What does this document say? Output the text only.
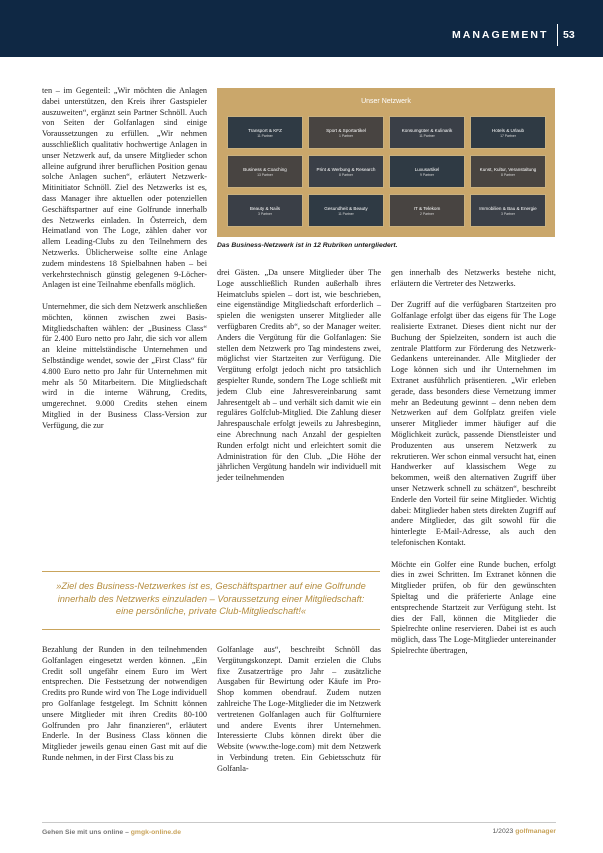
MANAGEMENT 53

ten – im Gegenteil: „Wir möchten die Anlagen dabei unterstützen, den Kreis ihrer Gastspieler auszuweiten“, ergänzt sein Partner Schnöll. Auch von Seiten der Golfanlagen sind einige Voraussetzungen zu erfüllen. „Wir nehmen ausschließlich qualitativ hochwertige Anlagen in unser Netzwerk auf, da unsere Mitglieder schon alleine aufgrund ihrer beruflichen Position genau solche Anlagen suchen“, erläutert Netzwerk-Mitinitiator Schnöll. Ziel des Netzwerks ist es, dass Manager ihre aktuellen oder potenziellen Geschäftspartner auf eine Golfrunde innerhalb des Netzwerks einladen. In Österreich, dem Heimatland von The Loge, zählen daher vor allem Leading-Clubs zu den Teilnehmern des Netzwerks. Üblicherweise sollte eine Anlage zudem mindestens 18 Spielbahnen haben – bei verkehrstechnisch günstig gelegenen 9-Löcher-Anlagen ist eine Teilnahme ebenfalls möglich.

Unternehmer, die sich dem Netzwerk anschließen möchten, können zwischen zwei Basis-Mitgliedschaften wählen: der „Business Class“ für 2.400 Euro netto pro Jahr, die sich vor allem an kleine mittelständische Unternehmen und Selbständige wendet, sowie der „First Class“ für 4.800 Euro netto pro Jahr für Unternehmen mit mehr als 50 Mitarbeitern. Die Mitgliedschaft wird in die interne Währung, Credits, umgerechnet. 9.000 Credits stehen einem Mitglied in der Business Class-Version zur Verfügung, die zur

Unser Netzwerk
Transport & KFZ
11 Partner
Sport & Sportartikel
1 Partner
Konsumgüter & Kulinarik
11 Partner
Hotels & Urlaub
17 Partner
Business & Coaching
13 Partner
Print & Werbung & Research
8 Partner
Luxusartikel
9 Partner
Kunst, Kultur, Veranstaltung
8 Partner
Beauty & Nails
3 Partner
Gesundheit & Beauty
11 Partner
IT & Telekom
2 Partner
Immobilien & Bau & Energie
3 Partner
Das Business-Netzwerk ist in 12 Rubriken untergliedert.

drei Gästen. „Da unsere Mitglieder über The Loge ausschließlich Runden außerhalb ihres Heimatclubs spielen – dort ist, wie beschrieben, eine eigenständige Mitgliedschaft erforderlich – spielen die wenigsten unserer Mitglieder alle verfügbaren Credits ab“, so der Manager weiter. Anders die Vergütung für die Golfanlagen: Sie stellen dem Netzwerk pro Tag mindestens zwei, möglichst vier Startzeiten zur Verfügung. Die Vergütung erfolgt jedoch nicht pro tatsächlich gespielter Runde, sondern The Loge schließt mit jedem Club eine Jahresvereinbarung samt Jahresentgelt ab – und verhält sich damit wie ein reguläres Golfclub-Mitglied. Die Zahlung dieser Jahrespauschale erfolgt jeweils zu Jahresbeginn, eine Abrechnung nach Anzahl der gespielten Runden erfolgt nicht und erleichtert somit die Administration für den Club. „Die Höhe der jährlichen Vergütung handeln wir individuell mit jeder teilnehmenden

gen innerhalb des Netzwerks bestehe nicht, erläutern die Vertreter des Netzwerks.

Der Zugriff auf die verfügbaren Startzeiten pro Golfanlage erfolgt über das eigens für The Loge realisierte Extranet. Dieses dient nicht nur der Buchung der Spielzeiten, sondern ist auch die zentrale Plattform zur Förderung des Netzwerk-Gedankens untereinander. Alle Mitglieder der Loge können sich und ihr Unternehmen im Extranet ausführlich präsentieren. „Wir erleben gerade, dass besonders diese Vernetzung immer mehr an Bedeutung gewinnt – denn neben dem Netzwerken auf dem Golfplatz greifen viele unserer Mitglieder immer häufiger auf die Möglichkeit zurück, passende Dienstleister und Produzenten aus unserem Netzwerk zu rekrutieren. Wer schon einmal versucht hat, einen Handwerker auf klassischem Wege zu bekommen, weiß den alternativen Zugriff über unser Netzwerk schnell zu schätzen“, beschreibt Enderle den Vorteil für seine Mitglieder. Wichtig dabei: Mitglieder haben stets direkten Zugriff auf andere Mitglieder, das gilt sowohl für die hinterlegte E-Mail-Adresse, als auch den telefonischen Kontakt.

Möchte ein Golfer eine Runde buchen, erfolgt dies in zwei Schritten. Im Extranet können die Mitglieder prüfen, ob für den gewünschten Spieltag und die präferierte Anlage eine entsprechende Startzeit zur Verfügung steht. Ist dies der Fall, können die Mitglieder die Spielrechte online reservieren. Dabei ist es auch möglich, dass The Loge-Mitglieder untereinander Spielrechte übertragen,

»Ziel des Business-Netzwerkes ist es, Geschäftspartner auf eine Golfrunde innerhalb des Netzwerks einzuladen – Voraussetzung einer Mitgliedschaft: eine persönliche, private Club-Mitgliedschaft!«

Bezahlung der Runden in den teilnehmenden Golfanlagen eingesetzt werden können. „Ein Credit soll ungefähr einem Euro im Wert entsprechen. Die Festsetzung der notwendigen Credits pro Runde wird von The Loge individuell pro Golfanlage festgelegt. Im Schnitt können unsere Mitglieder mit ihren Credits 80-100 Golfrunden pro Jahr finanzieren“, erläutert Enderle. In der Business Class können die Mitglieder jeweils genau einen Gast mit auf die Runde nehmen, in der First Class bis zu

Golfanlage aus“, beschreibt Schnöll das Vergütungskonzept. Damit erzielen die Clubs fixe Zusatzerträge pro Jahr – zusätzliche Ausgaben für Bewirtung oder Käufe im Pro-Shop kommen obendrauf. Zudem nutzen zahlreiche The Loge-Mitglieder die im Netzwerk vertretenen Golfanlagen auch für Golfturniere und andere Events ihrer Unternehmen. Interessierte Clubs können direkt über die Website (www.the-loge.com) mit dem Netzwerk in Verbindung treten. Ein Gebietsschutz für Golfanla-

Gehen Sie mit uns online – gmgk-online.de	1/2023 golfmanager
